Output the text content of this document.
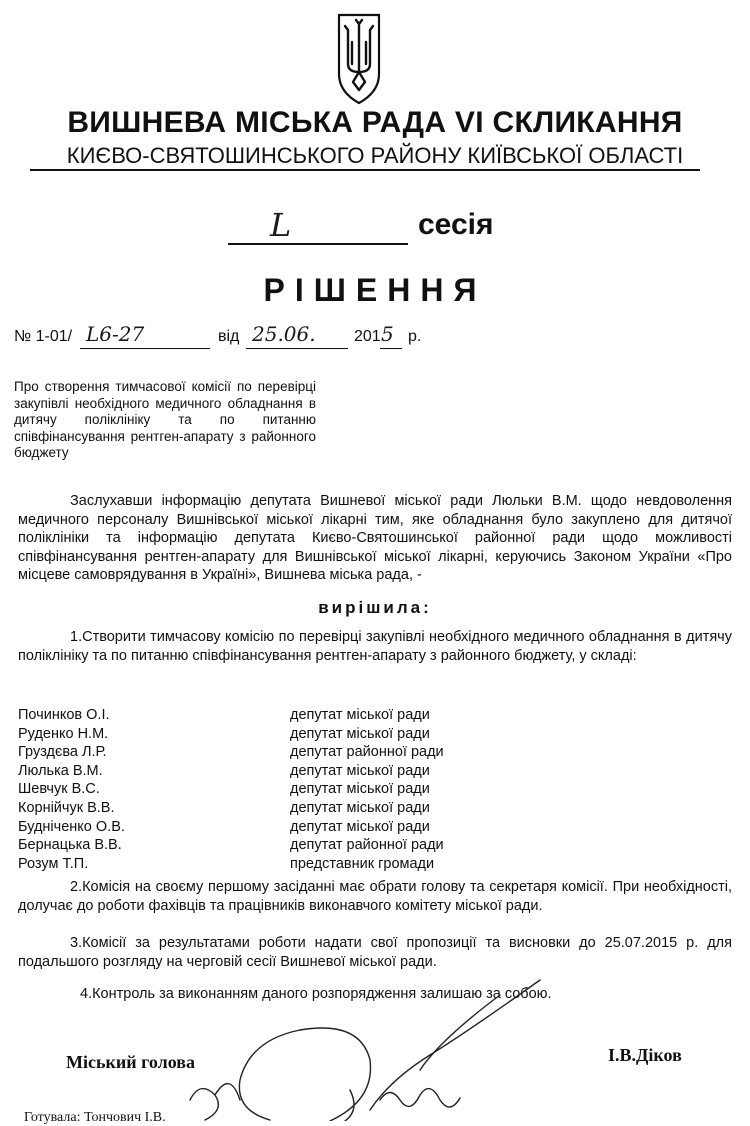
ВИШНЕВА МІСЬКА РАДА VI СКЛИКАННЯ
КИЄВО-СВЯТОШИНСЬКОГО РАЙОНУ КИЇВСЬКОЇ ОБЛАСТІ
L	сесія
РІШЕННЯ
№ 1-01/ L6-27	від 25.06. 201 5 р.
Про створення тимчасової комісії по перевірці закупівлі необхідного медичного обладнання в дитячу поліклініку та по питанню співфінансування рентген-апарату з районного бюджету
Заслухавши інформацію депутата Вишневої міської ради Люльки В.М. щодо невдоволення медичного персоналу Вишнівської міської лікарні тим, яке обладнання було закуплено для дитячої поліклініки та інформацію депутата Києво-Святошинської районної ради щодо можливості співфінансування рентген-апарату для Вишнівської міської лікарні, керуючись Законом України «Про місцеве самоврядування в Україні», Вишнева міська рада, -
вирішила:
1.Створити тимчасову комісію по перевірці закупівлі необхідного медичного обладнання в дитячу поліклініку та по питанню співфінансування рентген-апарату з районного бюджету, у складі:
Починков О.І.	депутат міської ради
Руденко Н.М.	депутат міської ради
Груздєва Л.Р.	депутат районної ради
Люлька В.М.	депутат міської ради
Шевчук В.С.	депутат міської ради
Корнійчук В.В.	депутат міської ради
Будніченко О.В.	депутат міської ради
Бернацька В.В.	депутат районної ради
Розум Т.П.	представник громади
2.Комісія на своєму першому засіданні має обрати голову та секретаря комісії. При необхідності, долучає до роботи фахівців та працівників виконавчого комітету міської ради.
3.Комісії за результатами роботи надати свої пропозиції та висновки до 25.07.2015 р. для подальшого розгляду на черговій сесії Вишневої міської ради.
4.Контроль за виконанням даного розпорядження залишаю за собою.
Міський голова	І.В.Діков
Готувала: Тончович І.В.
